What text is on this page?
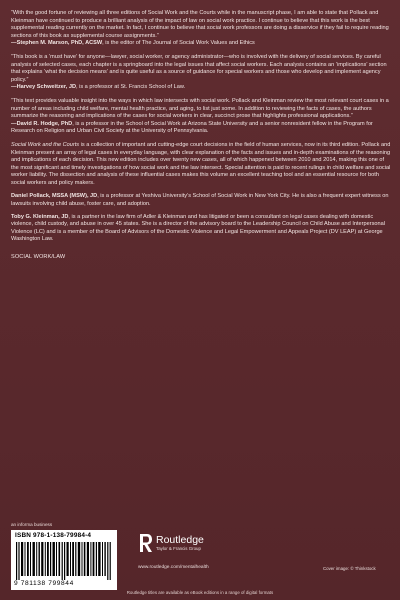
“With the good fortune of reviewing all three editions of Social Work and the Courts while in the manuscript phase, I am able to state that Pollack and Kleinman have continued to produce a brilliant analysis of the impact of law on social work practice. I continue to believe that this work is the best supplemental reading currently on the market. In fact, I continue to believe that social work professors are doing a disservice if they fail to require reading sections of this book as supplemental course assignments.”

—Stephen M. Marson, PhD, ACSW, is the editor of The Journal of Social Work Values and Ethics

“This book is a ‘must have’ for anyone—lawyer, social worker, or agency administrator—who is involved with the delivery of social services. By careful analysis of selected cases, each chapter is a springboard into the legal issues that affect social workers. Each analysis contains an ‘implications’ section that explains ‘what the decision means’ and is quite useful as a source of guidance for special workers and those who develop and implement agency policy.”

—Harvey Schweitzer, JD, is a professor at St. Francis School of Law.

“This text provides valuable insight into the ways in which law intersects with social work. Pollack and Kleinman review the most relevant court cases in a number of areas including child welfare, mental health practice, and aging, to list just some. In addition to reviewing the facts of cases, the authors summarize the reasoning and implications of the cases for social workers in clear, succinct prose that highlights professional applications.”

—David R. Hodge, PhD, is a professor in the School of Social Work at Arizona State University and a senior nonresident fellow in the Program for Research on Religion and Urban Civil Society at the University of Pennsylvania.

Social Work and the Courts is a collection of important and cutting-edge court decisions in the field of human services, now in its third edition. Pollack and Kleinman present an array of legal cases in everyday language, with clear explanation of the facts and issues and in-depth examinations of the reasoning and implications of each decision. This new edition includes over twenty new cases, all of which happened between 2010 and 2014, making this one of the most significant and timely investigations of how social work and the law intersect. Special attention is paid to recent rulings in child welfare and social worker liability. The dissection and analysis of these influential cases makes this volume an excellent teaching tool and an essential resource for both social workers and policy makers.

Daniel Pollack, MSSA (MSW), JD, is a professor at Yeshiva University’s School of Social Work in New York City. He is also a frequent expert witness on lawsuits involving child abuse, foster care, and adoption.

Toby G. Kleinman, JD, is a partner in the law firm of Adler & Kleinman and has litigated or been a consultant on legal cases dealing with domestic violence, child custody, and abuse in over 45 states. She is a director of the advisory board to the Leadership Council on Child Abuse and Interpersonal Violence (LC) and is a member of the Board of Advisors of the Domestic Violence and Legal Empowerment and Appeals Project (DV LEAP) at George Washington Law.

SOCIAL WORK/LAW
an informa business
ISBN 978-1-138-79984-4
9 781138 799844
Routledge
Taylor & Francis Group
www.routledge.com/mentalhealth	Cover image: © Thinkstock
Routledge titles are available as eBook editions in a range of digital formats
